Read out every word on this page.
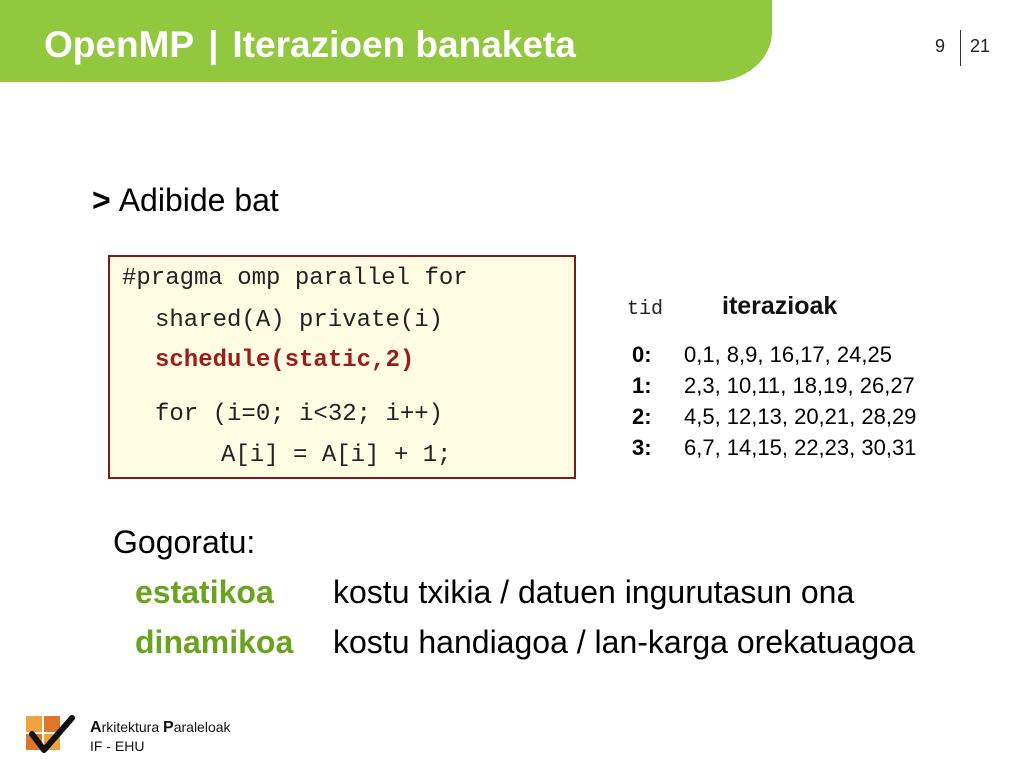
OpenMP | Iterazioen banaketa	9 21
> Adibide bat
#pragma omp parallel for
shared(A) private(i)
schedule(static,2)
for (i=0; i<32; i++)
A[i] = A[i] + 1;
tid iterazioak
0: 0,1, 8,9, 16,17, 24,25
1: 2,3, 10,11, 18,19, 26,27
2: 4,5, 12,13, 20,21, 28,29
3: 6,7, 14,15, 22,23, 30,31
Gogoratu:
estatikoa kostu txikia / datuen ingurutasun ona
dinamikoa kostu handiagoa / lan-karga orekatuagoa
Arkitektura Paraleloak
IF - EHU
